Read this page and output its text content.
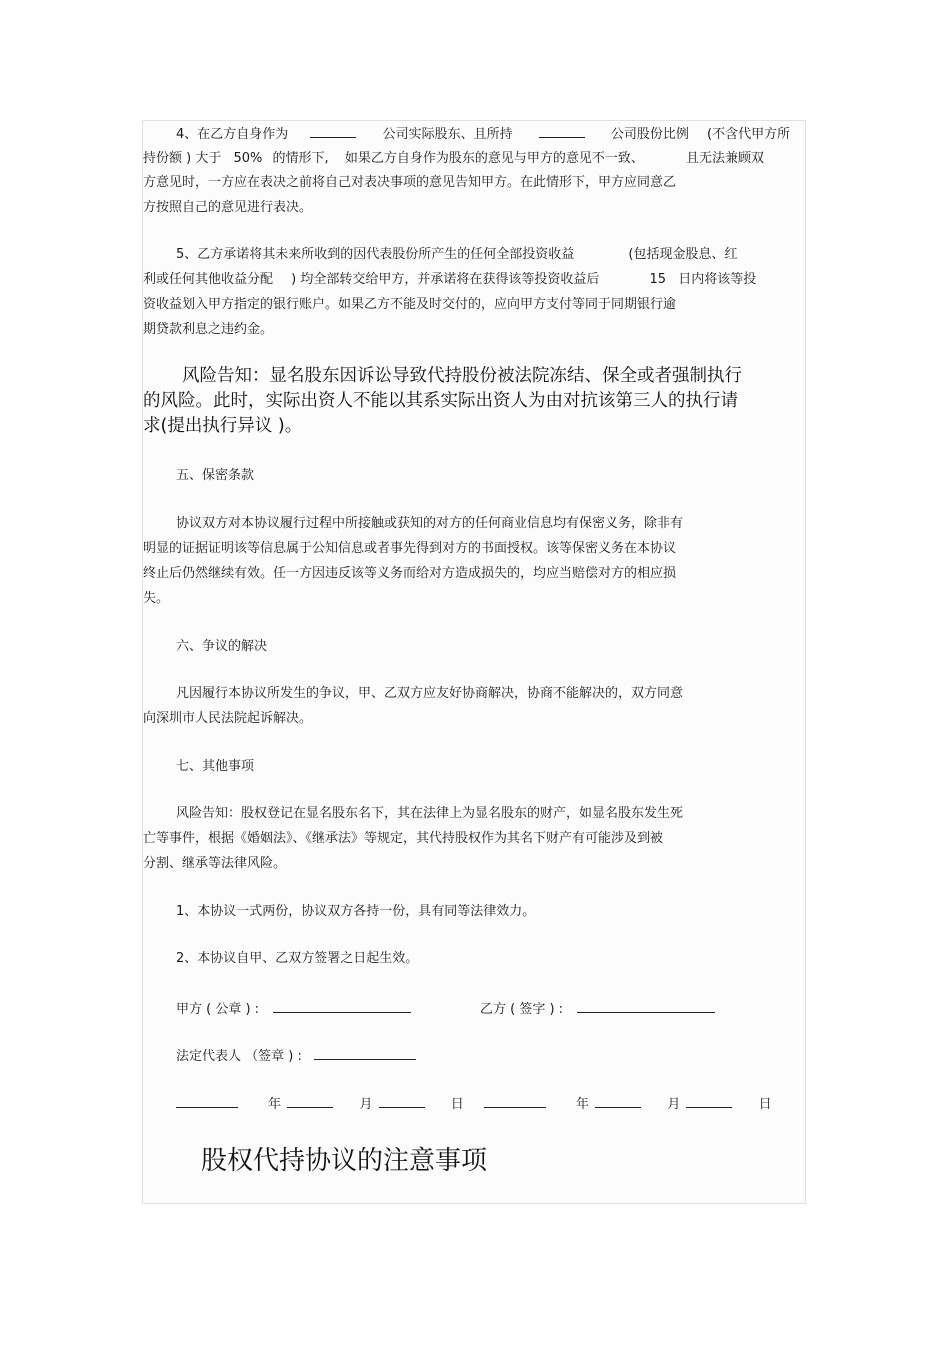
4、在乙方自身作为	公司实际股东、且所持	公司股份比例 (不含代甲方所
持份额 ) 大于 50% 的情形下, 如果乙方自身作为股东的意见与甲方的意见不一致、	且无法兼顾双
方意见时，一方应在表决之前将自己对表决事项的意见告知甲方。在此情形下，甲方应同意乙
方按照自己的意见进行表决。
5、乙方承诺将其未来所收到的因代表股份所产生的任何全部投资收益	(包括现金股息、红
利或任何其他收益分配 ) 均全部转交给甲方，并承诺将在获得该等投资收益后	15 日内将该等投
资收益划入甲方指定的银行账户。如果乙方不能及时交付的，应向甲方支付等同于同期银行逾
期贷款利息之违约金。
风险告知：显名股东因诉讼导致代持股份被法院冻结、保全或者强制执行
的风险。此时，实际出资人不能以其系实际出资人为由对抗该第三人的执行请
求(提出执行异议 )。
五、保密条款
协议双方对本协议履行过程中所接触或获知的对方的任何商业信息均有保密义务，除非有
明显的证据证明该等信息属于公知信息或者事先得到对方的书面授权。该等保密义务在本协议
终止后仍然继续有效。任一方因违反该等义务而给对方造成损失的，均应当赔偿对方的相应损
失。
六、争议的解决
凡因履行本协议所发生的争议，甲、乙双方应友好协商解决，协商不能解决的，双方同意
向深圳市人民法院起诉解决。
七、其他事项
风险告知：股权登记在显名股东名下，其在法律上为显名股东的财产，如显名股东发生死
亡等事件，根据《婚姻法》、《继承法》等规定，其代持股权作为其名下财产有可能涉及到被
分割、继承等法律风险。
1、本协议一式两份，协议双方各持一份，具有同等法律效力。
2、本协议自甲、乙双方签署之日起生效。
甲方 ( 公章 ) :	乙方 ( 签字 ) :
法定代表人 （签章 ) :
年	月	日	年	月	日
股权代持协议的注意事项
